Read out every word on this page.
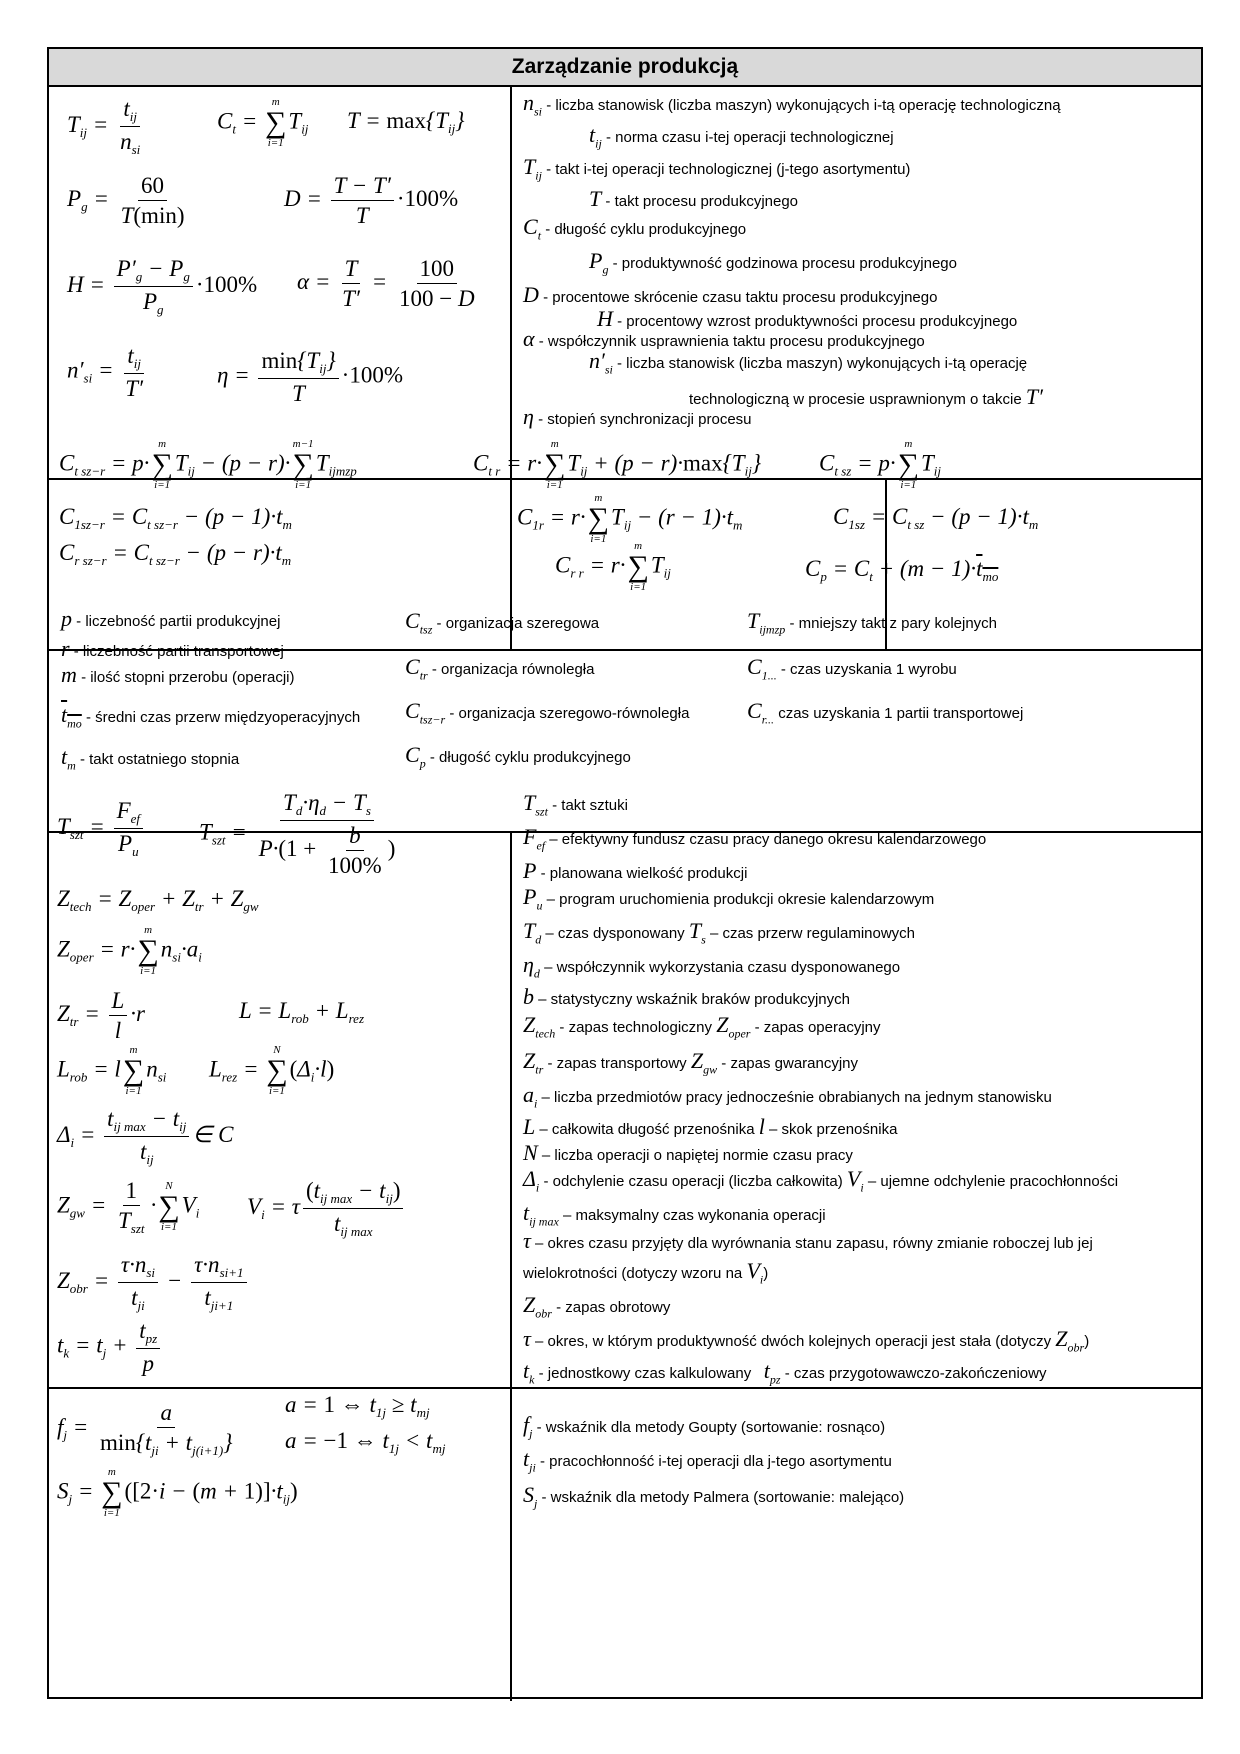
Zarządzanie produkcją
$T_{ij} = \frac{t_{ij}}{n_{si}}$	$C_t$ =
m
∑
i=1
$T_{ij}$ $T = \max\{T_{ij}\}$
$P_g = \frac{60}{T(\min)}$	$D = \frac{T - T'}{T} \cdot 100\%$
$H = \frac{P'_g - P_g}{P_g} \cdot 100\%$ $\alpha = \frac{T}{T'} = \frac{100}{100 - D}$
$n'_{si} = \frac{t_{ij}}{T'}$	$\eta = \frac{\min\{T_{ij}\}}{T} \cdot 100\%$
$n_{si}$ - liczba stanowisk (liczba maszyn) wykonujących i-tą operację technologiczną
$t_{ij}$ - norma czasu i-tej operacji technologicznej
$T_{ij}$ - takt i-tej operacji technologicznej (j-tego asortymentu)
T - takt procesu produkcyjnego
$C_t$ - długość cyklu produkcyjnego
$P_g$ - produktywność godzinowa procesu produkcyjnego
D - procentowe skrócenie czasu taktu procesu produkcyjnego
H - procentowy wzrost produktywności procesu produkcyjnego
α - współczynnik usprawnienia taktu procesu produkcyjnego
$n'_{si}$ - liczba stanowisk (liczba maszyn) wykonujących i-tą operację
technologiczną w procesie usprawnionym o takcie T′
η - stopień synchronizacji procesu
$C_{t sz-r} = p\cdot$
m
∑
i=1
$T_{ij} - (p - r)\cdot$
m−1
∑
i=1
$T_{ijmzp}$
$C_{1sz-r} = C_{t sz-r} - (p - 1)\cdot t_m$
$C_{r sz-r} = C_{t sz-r} - (p - r)\cdot t_m$
$C_{t r} = r\cdot$
m
∑
i=1
$T_{ij} + (p - r)\cdot\max\{T_{ij}\}$
$C_{1r} = r\cdot$
m
∑
i=1
$T_{ij} - (r - 1)\cdot t_m$
$C_{r r} = r\cdot$
m
∑
i=1
$T_{ij}$
$C_{t sz} = p\cdot$
m
∑
i=1
$T_{ij}$
$C_{1sz} = C_{t sz} - (p - 1)\cdot t_m$
$C_p = C_t + (m - 1)\cdot t_{mo}$
p - liczebność partii produkcyjnej
r - liczebność partii transportowej
m - ilość stopni przerobu (operacji)
$t_{mo}$ - średni czas przerw międzyoperacyjnych
$t_m$ - takt ostatniego stopnia
$C_{tsz}$ - organizacja szeregowa
$C_{tr}$ - organizacja równoległa
$C_{tsz-r}$ - organizacja szeregowo-równoległa
$C_p$ - długość cyklu produkcyjnego
$T_{ijmzp}$ - mniejszy takt z pary kolejnych
$C_{1...}$ - czas uzyskania 1 wyrobu
$C_{r...}$ czas uzyskania 1 partii transportowej
$T_{szt} = \frac{F_{ef}}{P_u} T_{szt} = \frac{T_d\cdot\eta_d - T_s}{P\cdot(1 + \frac{b}{100\%} )}$
$Z_{tech} = Z_{oper} + Z_{tr} + Z_{gw}$
$Z_{oper} = r\cdot$
m
∑
i=1
$n_{si}\cdot a_i$
$Z_{tr} = \frac{L}{l} \cdot r$	$L = L_{rob} + L_{rez}$
$L_{rob} = l$
m
∑
i=1
$n_{si}$ $L_{rez}$ =
N
∑
i=1
$(\Delta_i\cdot l)$
$\Delta_i = \frac{t_{ij max} - t_{ij}}{t_{ij}}$ ∈ C
$Z_{gw} = \frac{1}{T_{szt}}$ ·
N
∑
i=1
$V_i$ $V_i = \tau \frac{(t_{ij max} - t_{ij})}{t_{ij max}}$
$Z_{obr} = \frac{\tau\cdot n_{si}}{t_{ji}} - \frac{\tau\cdot n_{si+1}}{t_{ji+1}}$
$t_k = t_j + \frac{t_{pz}}{p}$
$T_{szt}$ - takt sztuki
$F_{ef}$ – efektywny fundusz czasu pracy danego okresu kalendarzowego
P - planowana wielkość produkcji
$P_u$ – program uruchomienia produkcji okresie kalendarzowym
$T_d$ – czas dysponowany $T_s$ – czas przerw regulaminowych
$\eta_d$ – współczynnik wykorzystania czasu dysponowanego
b – statystyczny wskaźnik braków produkcyjnych
$Z_{tech}$ - zapas technologiczny $Z_{oper}$ - zapas operacyjny
$Z_{tr}$ - zapas transportowy $Z_{gw}$ - zapas gwarancyjny
$a_i$ – liczba przedmiotów pracy jednocześnie obrabianych na jednym stanowisku
L – całkowita długość przenośnika l – skok przenośnika
N – liczba operacji o napiętej normie czasu pracy
$\Delta_i$ - odchylenie czasu operacji (liczba całkowita) $V_i$ – ujemne odchylenie pracochłonności
$t_{ij max}$ – maksymalny czas wykonania operacji
τ – okres czasu przyjęty dla wyrównania stanu zapasu, równy zmianie roboczej lub jej
wielokrotności (dotyczy wzoru na $V_i$)
$Z_{obr}$ - zapas obrotowy
τ – okres, w którym produktywność dwóch kolejnych operacji jest stała (dotyczy $Z_{obr}$)
$t_k$ - jednostkowy czas kalkulowany $t_{pz}$ - czas przygotowawczo-zakończeniowy
$f_j = \frac{a}{\min\{t_{ji} + t_{j(i+1)}\}}$ a = 1 ⇔ $t_{1j} \ge t_{mj}$
a = −1 ⇔ $t_{1j} < t_{mj}$
$S_j$ =
m
∑
i=1
$([2\cdot i - (m + 1)]\cdot t_{ij})$
$f_j$ - wskaźnik dla metody Goupty (sortowanie: rosnąco)
$t_{ji}$ - pracochłonność i-tej operacji dla j-tego asortymentu
$S_j$ - wskaźnik dla metody Palmera (sortowanie: malejąco)
